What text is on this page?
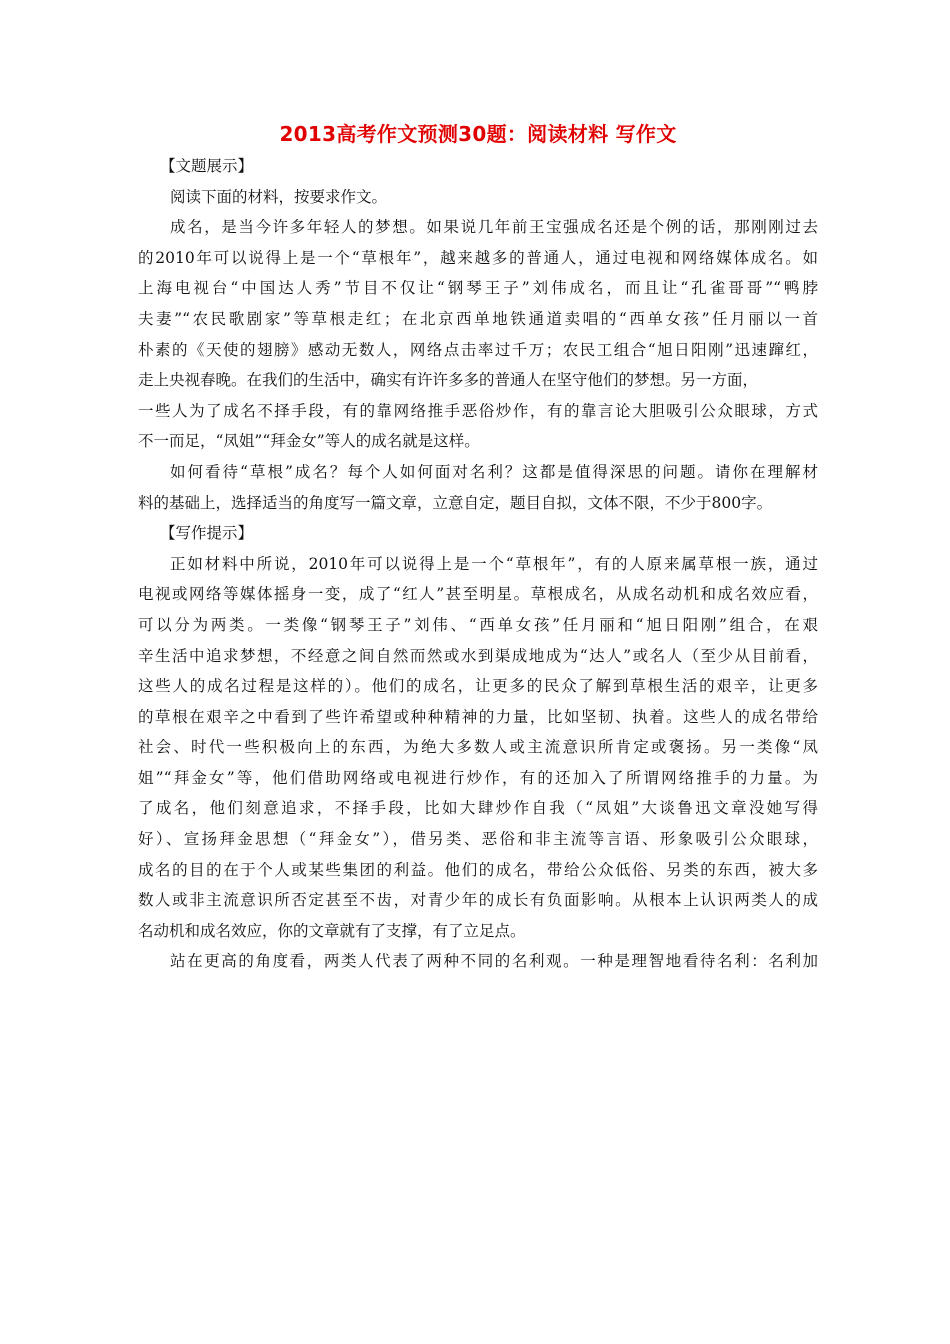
2013高考作文预测30题：阅读材料 写作文
【文题展示】
阅读下面的材料，按要求作文。
成名，是当今许多年轻人的梦想。如果说几年前王宝强成名还是个例的话，那刚刚过去
的2010年可以说得上是一个“草根年”，越来越多的普通人，通过电视和网络媒体成名。如
上海电视台“中国达人秀”节目不仅让“钢琴王子”刘伟成名，而且让“孔雀哥哥”“鸭脖
夫妻”“农民歌剧家”等草根走红；在北京西单地铁通道卖唱的“西单女孩”任月丽以一首
朴素的《天使的翅膀》感动无数人，网络点击率过千万；农民工组合“旭日阳刚”迅速蹿红，
走上央视春晚。在我们的生活中，确实有许许多多的普通人在坚守他们的梦想。另一方面，
一些人为了成名不择手段，有的靠网络推手恶俗炒作，有的靠言论大胆吸引公众眼球，方式
不一而足，“凤姐”“拜金女”等人的成名就是这样。
如何看待“草根”成名？每个人如何面对名利？这都是值得深思的问题。请你在理解材
料的基础上，选择适当的角度写一篇文章，立意自定，题目自拟，文体不限，不少于800字。
【写作提示】
正如材料中所说，2010年可以说得上是一个“草根年”，有的人原来属草根一族，通过
电视或网络等媒体摇身一变，成了“红人”甚至明星。草根成名，从成名动机和成名效应看，
可以分为两类。一类像“钢琴王子”刘伟、“西单女孩”任月丽和“旭日阳刚”组合，在艰
辛生活中追求梦想，不经意之间自然而然或水到渠成地成为“达人”或名人（至少从目前看，
这些人的成名过程是这样的）。他们的成名，让更多的民众了解到草根生活的艰辛，让更多
的草根在艰辛之中看到了些许希望或种种精神的力量，比如坚韧、执着。这些人的成名带给
社会、时代一些积极向上的东西，为绝大多数人或主流意识所肯定或褒扬。另一类像“凤
姐”“拜金女”等，他们借助网络或电视进行炒作，有的还加入了所谓网络推手的力量。为
了成名，他们刻意追求，不择手段，比如大肆炒作自我（“凤姐”大谈鲁迅文章没她写得
好）、宣扬拜金思想（“拜金女”），借另类、恶俗和非主流等言语、形象吸引公众眼球，
成名的目的在于个人或某些集团的利益。他们的成名，带给公众低俗、另类的东西，被大多
数人或非主流意识所否定甚至不齿，对青少年的成长有负面影响。从根本上认识两类人的成
名动机和成名效应，你的文章就有了支撑，有了立足点。
站在更高的角度看，两类人代表了两种不同的名利观。一种是理智地看待名利：名利加
